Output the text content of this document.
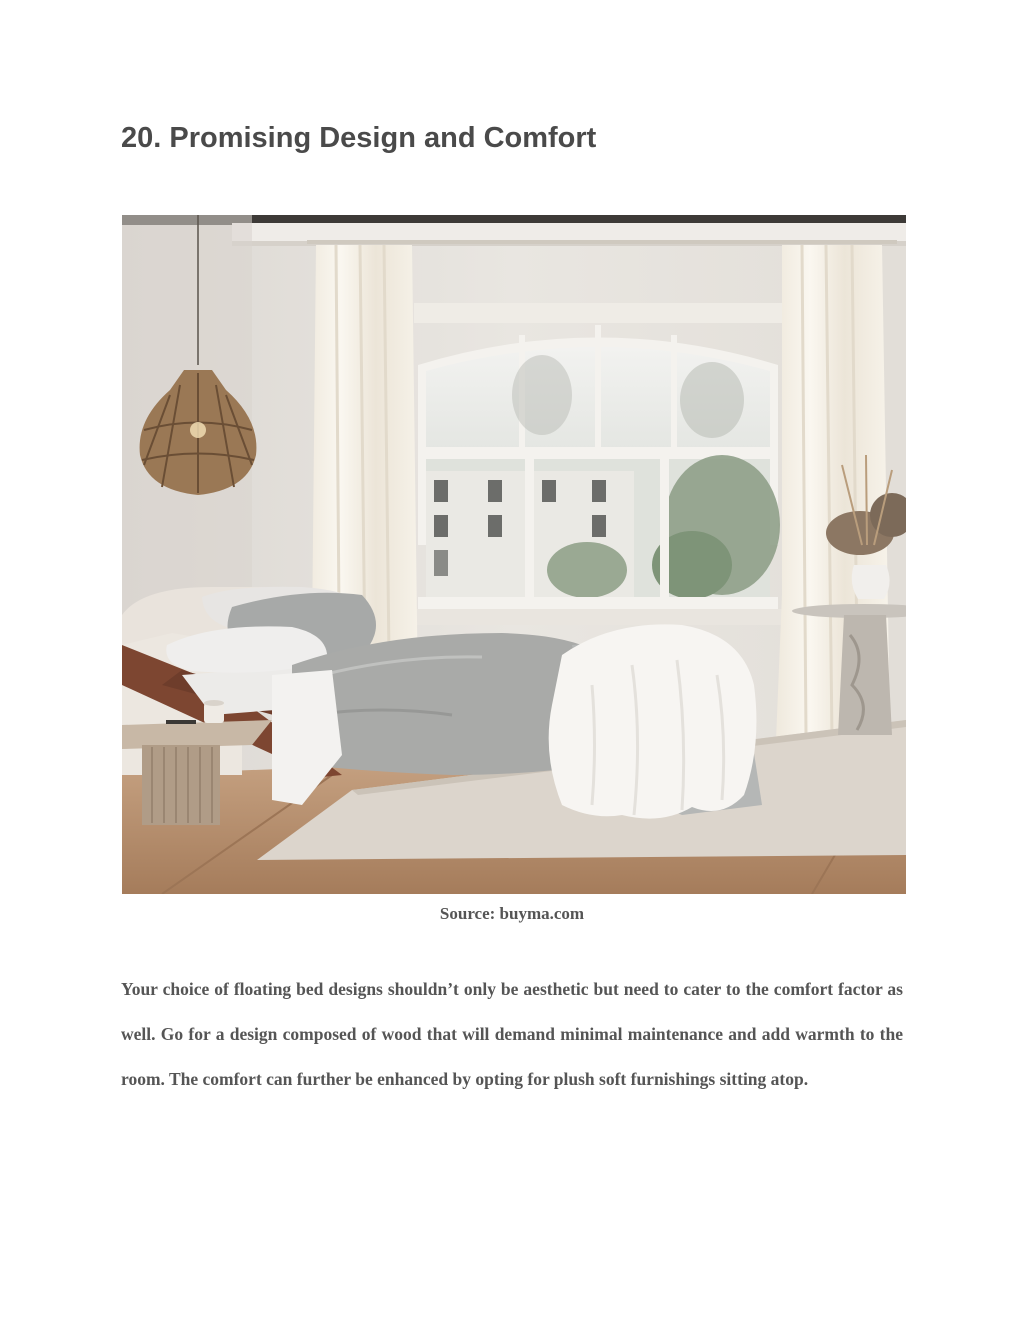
20. Promising Design and Comfort

Source: buyma.com

Your choice of floating bed designs shouldn’t only be aesthetic but need to cater to the comfort factor as well. Go for a design composed of wood that will demand minimal maintenance and add warmth to the room. The comfort can further be enhanced by opting for plush soft furnishings sitting atop.
